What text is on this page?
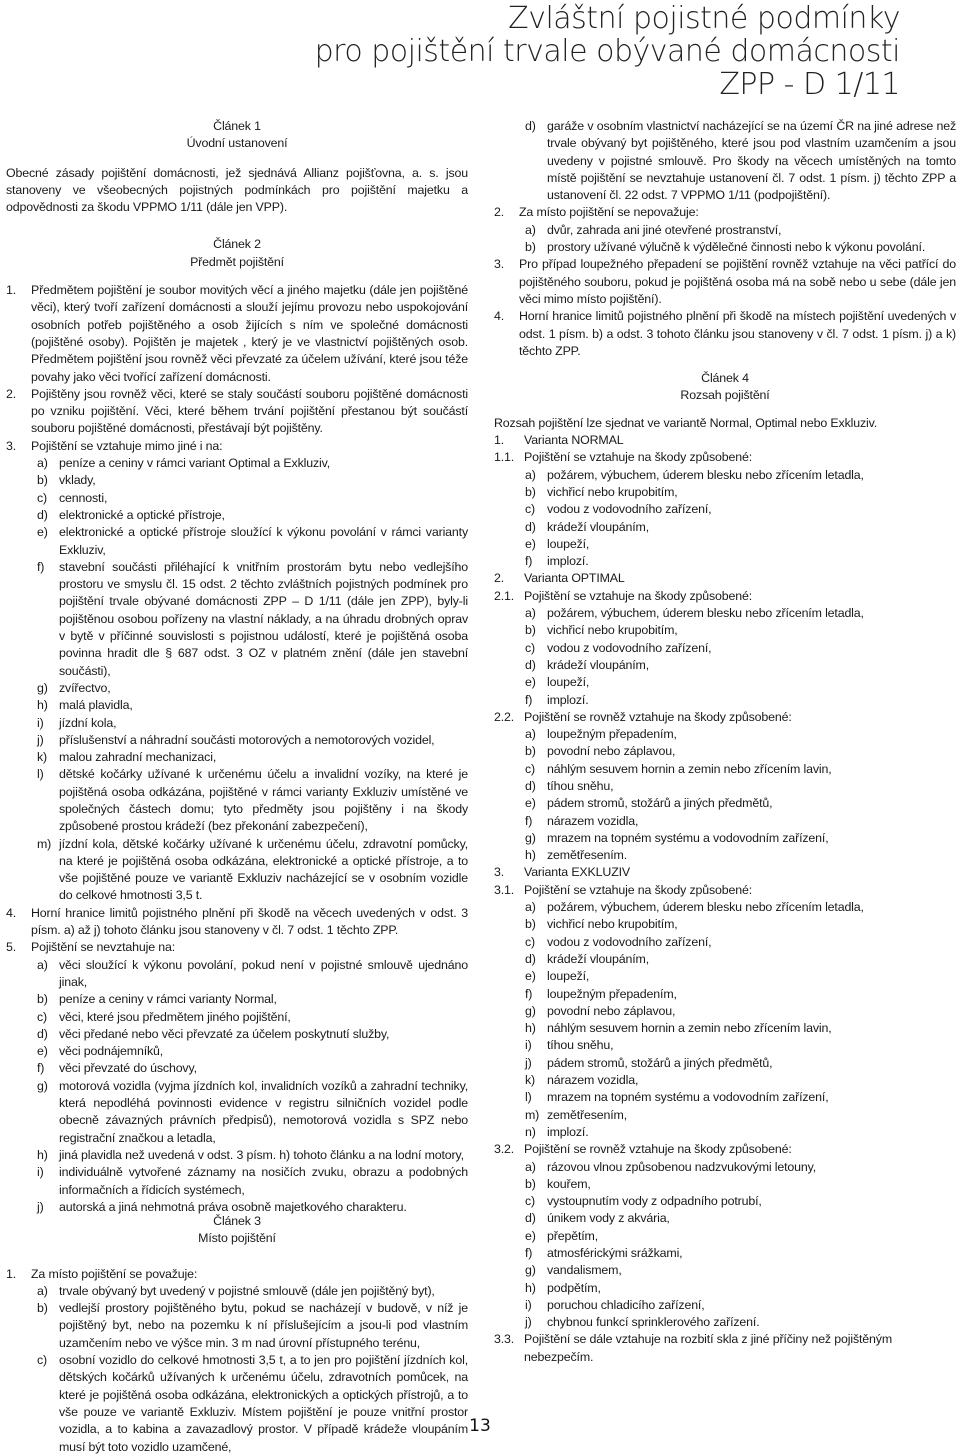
Zvláštní pojistné podmínky
pro pojištění trvale obývané domácnosti
ZPP - D 1/11

Článek 1

Úvodní ustanovení

Obecné zásady pojištění domácnosti, jež sjednává Allianz pojišťovna, a. s. jsou stanoveny ve všeobecných pojistných podmínkách pro pojištění majetku a odpovědnosti za škodu VPPMO 1/11 (dále jen VPP).

Článek 2

Předmět pojištění

1.	Předmětem pojištění je soubor movitých věcí a jiného majetku (dále jen pojištěné věci), který tvoří zařízení domácnosti a slouží jejímu provozu nebo uspokojování osobních potřeb pojištěného a osob žijících s ním ve společné domácnosti (pojištěné osoby). Pojištěn je majetek , který je ve vlastnictví pojištěných osob. Předmětem pojištění jsou rovněž věci převzaté za účelem užívání, které jsou téže povahy jako věci tvořící zařízení domácnosti.
2.	Pojištěny jsou rovněž věci, které se staly součástí souboru pojištěné domácnosti po vzniku pojištění. Věci, které během trvání pojištění přestanou být součástí souboru pojištěné domácnosti, přestávají být pojištěny.
3.	Pojištění se vztahuje mimo jiné i na:
a) peníze a ceniny v rámci variant Optimal a Exkluziv,
b) vklady,
c) cennosti,
d) elektronické a optické přístroje,
e) elektronické a optické přístroje sloužící k výkonu povolání v rámci varianty Exkluziv,
f)	stavební součásti přiléhající k vnitřním prostorám bytu nebo vedlejšího prostoru ve smyslu čl. 15 odst. 2 těchto zvláštních pojistných podmínek pro pojištění trvale obývané domácnosti ZPP – D 1/11 (dále jen ZPP), byly-li pojištěnou osobou pořízeny na vlastní náklady, a na úhradu drobných oprav v bytě v příčinné souvislosti s pojistnou událostí, které je pojištěná osoba povinna hradit dle § 687 odst. 3 OZ v platném znění (dále jen stavební součásti),
g) zvířectvo,
h) malá plavidla,
i)	jízdní kola,
j)	příslušenství a náhradní součásti motorových a nemotorových vozidel,
k) malou zahradní mechanizaci,
l)	dětské kočárky užívané k určenému účelu a invalidní vozíky, na které je pojištěná osoba odkázána, pojištěné v rámci varianty Exkluziv umístěné ve společných částech domu; tyto předměty jsou pojištěny i na škody způsobené prostou krádeží (bez překonání zabezpečení),
m) jízdní kola, dětské kočárky užívané k určenému účelu, zdravotní pomůcky, na které je pojištěná osoba odkázána, elektronické a optické přístroje, a to vše pojištěné pouze ve variantě Exkluziv nacházející se v osobním vozidle do celkové hmotnosti 3,5 t.
4.	Horní hranice limitů pojistného plnění při škodě na věcech uvedených v odst. 3 písm. a) až j) tohoto článku jsou stanoveny v čl. 7 odst. 1 těchto ZPP.
5.	Pojištění se nevztahuje na:
a) věci sloužící k výkonu povolání, pokud není v pojistné smlouvě ujednáno jinak,
b) peníze a ceniny v rámci varianty Normal,
c) věci, které jsou předmětem jiného pojištění,
d) věci předané nebo věci převzaté za účelem poskytnutí služby,
e) věci podnájemníků,
f)	věci převzaté do úschovy,
g) motorová vozidla (vyjma jízdních kol, invalidních vozíků a zahradní techniky, která nepodléhá povinnosti evidence v registru silničních vozidel podle obecně závazných právních předpisů), nemotorová vozidla s SPZ nebo registrační značkou a letadla,
h) jiná plavidla než uvedená v odst. 3 písm. h) tohoto článku a na lodní motory,
i)	individuálně vytvořené záznamy na nosičích zvuku, obrazu a podobných informačních a řídicích systémech,
j)	autorská a jiná nehmotná práva osobně majetkového charakteru.

Článek 3

Místo pojištění

1.	Za místo pojištění se považuje:
a) trvale obývaný byt uvedený v pojistné smlouvě (dále jen pojištěný byt),
b) vedlejší prostory pojištěného bytu, pokud se nacházejí v budově, v níž je pojištěný byt, nebo na pozemku k ní příslušejícím a jsou-li pod vlastním uzamčením nebo ve výšce min. 3 m nad úrovní přístupného terénu,
c) osobní vozidlo do celkové hmotnosti 3,5 t, a to jen pro pojištění jízdních kol, dětských kočárků užívaných k určenému účelu, zdravotních pomůcek, na které je pojištěná osoba odkázána, elektronických a optických přístrojů, a to vše pouze ve variantě Exkluziv. Místem pojištění je pouze vnitřní prostor vozidla, a to kabina a zavazadlový prostor. V případě krádeže vloupáním musí být toto vozidlo uzamčené,
d) garáže v osobním vlastnictví nacházející se na území ČR na jiné adrese než trvale obývaný byt pojištěného, které jsou pod vlastním uzamčením a jsou uvedeny v pojistné smlouvě. Pro škody na věcech umístěných na tomto místě pojištění se nevztahuje ustanovení čl. 7 odst. 1 písm. j) těchto ZPP a ustanovení čl. 22 odst. 7 VPPMO 1/11 (podpojištění).
2.	Za místo pojištění se nepovažuje:
a) dvůr, zahrada ani jiné otevřené prostranství,
b) prostory užívané výlučně k výdělečné činnosti nebo k výkonu povolání.
3.	Pro případ loupežného přepadení se pojištění rovněž vztahuje na věci patřící do pojištěného souboru, pokud je pojištěná osoba má na sobě nebo u sebe (dále jen věci mimo místo pojištění).
4.	Horní hranice limitů pojistného plnění při škodě na místech pojištění uvedených v odst. 1 písm. b) a odst. 3 tohoto článku jsou stanoveny v čl. 7 odst. 1 písm. j) a k) těchto ZPP.

Článek 4

Rozsah pojištění

Rozsah pojištění lze sjednat ve variantě Normal, Optimal nebo Exkluziv.

1.	Varianta NORMAL
1.1. Pojištění se vztahuje na škody způsobené:
a) požárem, výbuchem, úderem blesku nebo zřícením letadla,
b) vichřicí nebo krupobitím,
c) vodou z vodovodního zařízení,
d) krádeží vloupáním,
e) loupeží,
f)	implozí.
2.	Varianta OPTIMAL
2.1. Pojištění se vztahuje na škody způsobené:
a) požárem, výbuchem, úderem blesku nebo zřícením letadla,
b) vichřicí nebo krupobitím,
c) vodou z vodovodního zařízení,
d) krádeží vloupáním,
e) loupeží,
f)	implozí.
2.2. Pojištění se rovněž vztahuje na škody způsobené:
a) loupežným přepadením,
b) povodní nebo záplavou,
c) náhlým sesuvem hornin a zemin nebo zřícením lavin,
d) tíhou sněhu,
e) pádem stromů, stožárů a jiných předmětů,
f)	nárazem vozidla,
g) mrazem na topném systému a vodovodním zařízení,
h) zemětřesením.
3.	Varianta EXKLUZIV
3.1. Pojištění se vztahuje na škody způsobené:
a) požárem, výbuchem, úderem blesku nebo zřícením letadla,
b) vichřicí nebo krupobitím,
c) vodou z vodovodního zařízení,
d) krádeží vloupáním,
e) loupeží,
f)	loupežným přepadením,
g) povodní nebo záplavou,
h) náhlým sesuvem hornin a zemin nebo zřícením lavin,
i)	tíhou sněhu,
j)	pádem stromů, stožárů a jiných předmětů,
k) nárazem vozidla,
l)	mrazem na topném systému a vodovodním zařízení,
m) zemětřesením,
n) implozí.
3.2. Pojištění se rovněž vztahuje na škody způsobené:
a) rázovou vlnou způsobenou nadzvukovými letouny,
b) kouřem,
c) vystoupnutím vody z odpadního potrubí,
d) únikem vody z akvária,
e) přepětím,
f)	atmosférickými srážkami,
g) vandalismem,
h) podpětím,
i)	poruchou chladicího zařízení,
j)	chybnou funkcí sprinklerového zařízení.
3.3. Pojištění se dále vztahuje na rozbití skla z jiné příčiny než pojištěným nebezpečím.
13
